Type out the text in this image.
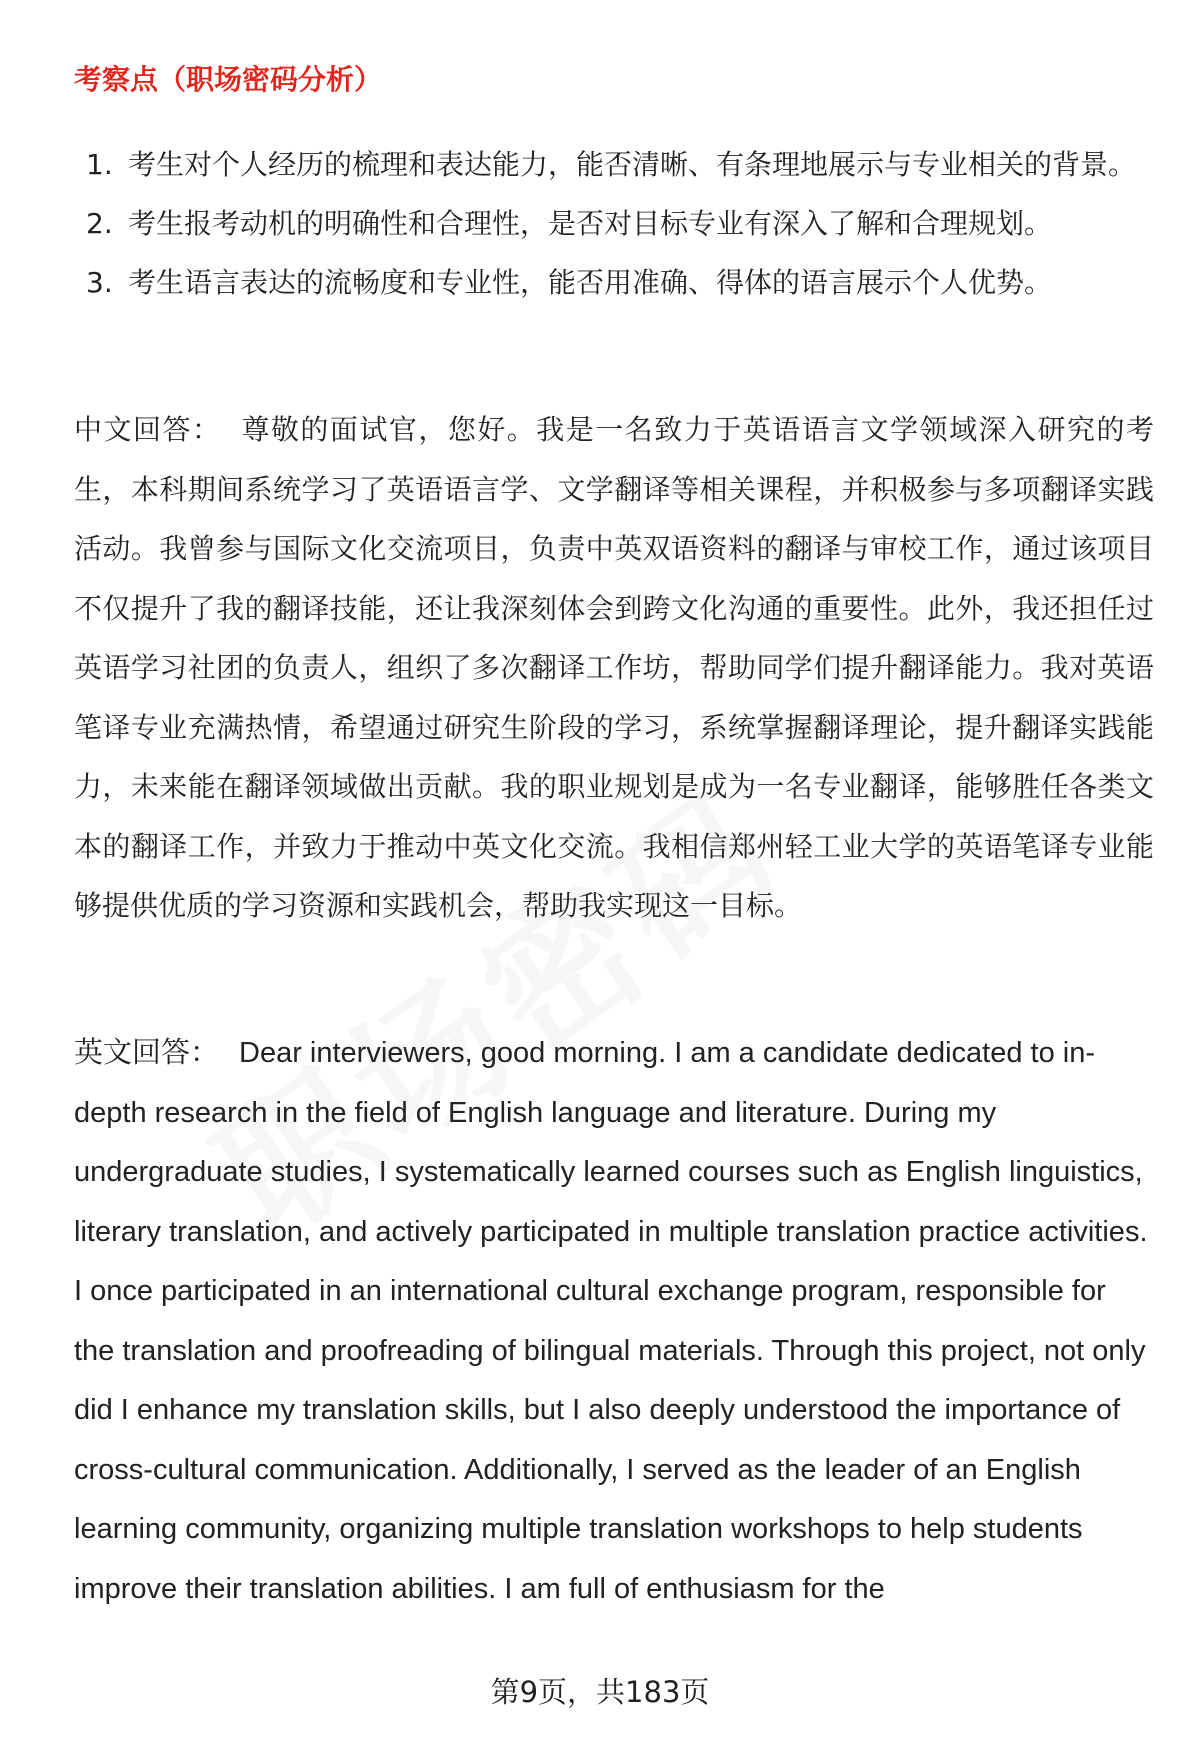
考察点（职场密码分析）
1. 考生对个人经历的梳理和表达能力，能否清晰、有条理地展示与专业相关的背景。
2. 考生报考动机的明确性和合理性，是否对目标专业有深入了解和合理规划。
3. 考生语言表达的流畅度和专业性，能否用准确、得体的语言展示个人优势。

中文回答： 尊敬的面试官，您好。我是一名致力于英语语言文学领域深入研究的考生，本科期间系统学习了英语语言学、文学翻译等相关课程，并积极参与多项翻译实践活动。我曾参与国际文化交流项目，负责中英双语资料的翻译与审校工作，通过该项目不仅提升了我的翻译技能，还让我深刻体会到跨文化沟通的重要性。此外，我还担任过英语学习社团的负责人，组织了多次翻译工作坊，帮助同学们提升翻译能力。我对英语笔译专业充满热情，希望通过研究生阶段的学习，系统掌握翻译理论，提升翻译实践能力，未来能在翻译领域做出贡献。我的职业规划是成为一名专业翻译，能够胜任各类文本的翻译工作，并致力于推动中英文化交流。我相信郑州轻工业大学的英语笔译专业能够提供优质的学习资源和实践机会，帮助我实现这一目标。

英文回答： Dear interviewers, good morning. I am a candidate dedicated to in-depth research in the field of English language and literature. During my undergraduate studies, I systematically learned courses such as English linguistics, literary translation, and actively participated in multiple translation practice activities. I once participated in an international cultural exchange program, responsible for the translation and proofreading of bilingual materials. Through this project, not only did I enhance my translation skills, but I also deeply understood the importance of cross-cultural communication. Additionally, I served as the leader of an English learning community, organizing multiple translation workshops to help students improve their translation abilities. I am full of enthusiasm for the

第9页，共183页
